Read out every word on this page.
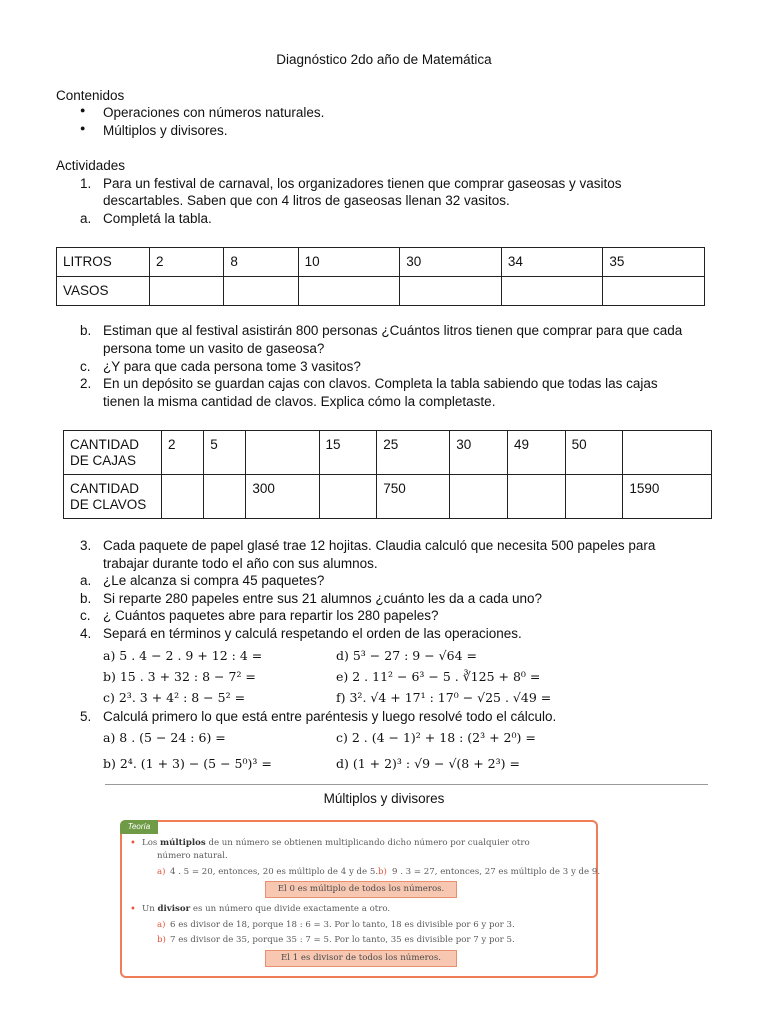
Diagnóstico 2do año de Matemática
Contenidos
● Operaciones con números naturales.
● Múltiplos y divisores.
Actividades
1. Para un festival de carnaval, los organizadores tienen que comprar gaseosas y vasitos
descartables. Saben que con 4 litros de gaseosas llenan 32 vasitos.
a. Completá la tabla.
LITROS	2	8	10	30	34	35
VASOS						
b. Estiman que al festival asistirán 800 personas ¿Cuántos litros tienen que comprar para que cada
persona tome un vasito de gaseosa?
c. ¿Y para que cada persona tome 3 vasitos?
2. En un depósito se guardan cajas con clavos. Completa la tabla sabiendo que todas las cajas
tienen la misma cantidad de clavos. Explica cómo la completaste.
CANTIDAD
DE CAJAS	2	5		15	25	30	49	50	

CANTIDAD
DE CLAVOS			300		750				1590
3. Cada paquete de papel glasé trae 12 hojitas. Claudia calculó que necesita 500 papeles para
trabajar durante todo el año con sus alumnos.
a. ¿Le alcanza si compra 45 paquetes?
b. Si reparte 280 papeles entre sus 21 alumnos ¿cuánto les da a cada uno?
c. ¿ Cuántos paquetes abre para repartir los 280 papeles?
4. Separá en términos y calculá respetando el orden de las operaciones.
a) 5 . 4 − 2 . 9 + 12 : 4 =	d) 5³ − 27 : 9 − √64 =
b) 15 . 3 + 32 : 8 − 7² =	e) 2 . 11² − 6³ − 5 . ∛125 + 8⁰ =
c) 2³. 3 + 4² : 8 − 5² =	f) 3². √4 + 17¹ : 17⁰ − √25 . √49 =
5. Calculá primero lo que está entre paréntesis y luego resolvé todo el cálculo.
a) 8 . (5 − 24 : 6) =	c) 2 . (4 − 1)² + 18 : (2³ + 2⁰) =
b) 2⁴. (1 + 3) − (5 − 5⁰)³ =	d) (1 + 2)³ : √9 − √(8 + 2³) =
Múltiplos y divisores
Teoría
• Los múltiplos de un número se obtienen multiplicando dicho número por cualquier otro
número natural.
a) 4 . 5 = 20, entonces, 20 es múltiplo de 4 y de 5. b) 9 . 3 = 27, entonces, 27 es múltiplo de 3 y de 9.
El 0 es múltiplo de todos los números.
• Un divisor es un número que divide exactamente a otro.
a) 6 es divisor de 18, porque 18 : 6 = 3. Por lo tanto, 18 es divisible por 6 y por 3.
b) 7 es divisor de 35, porque 35 : 7 = 5. Por lo tanto, 35 es divisible por 7 y por 5.
El 1 es divisor de todos los números.
